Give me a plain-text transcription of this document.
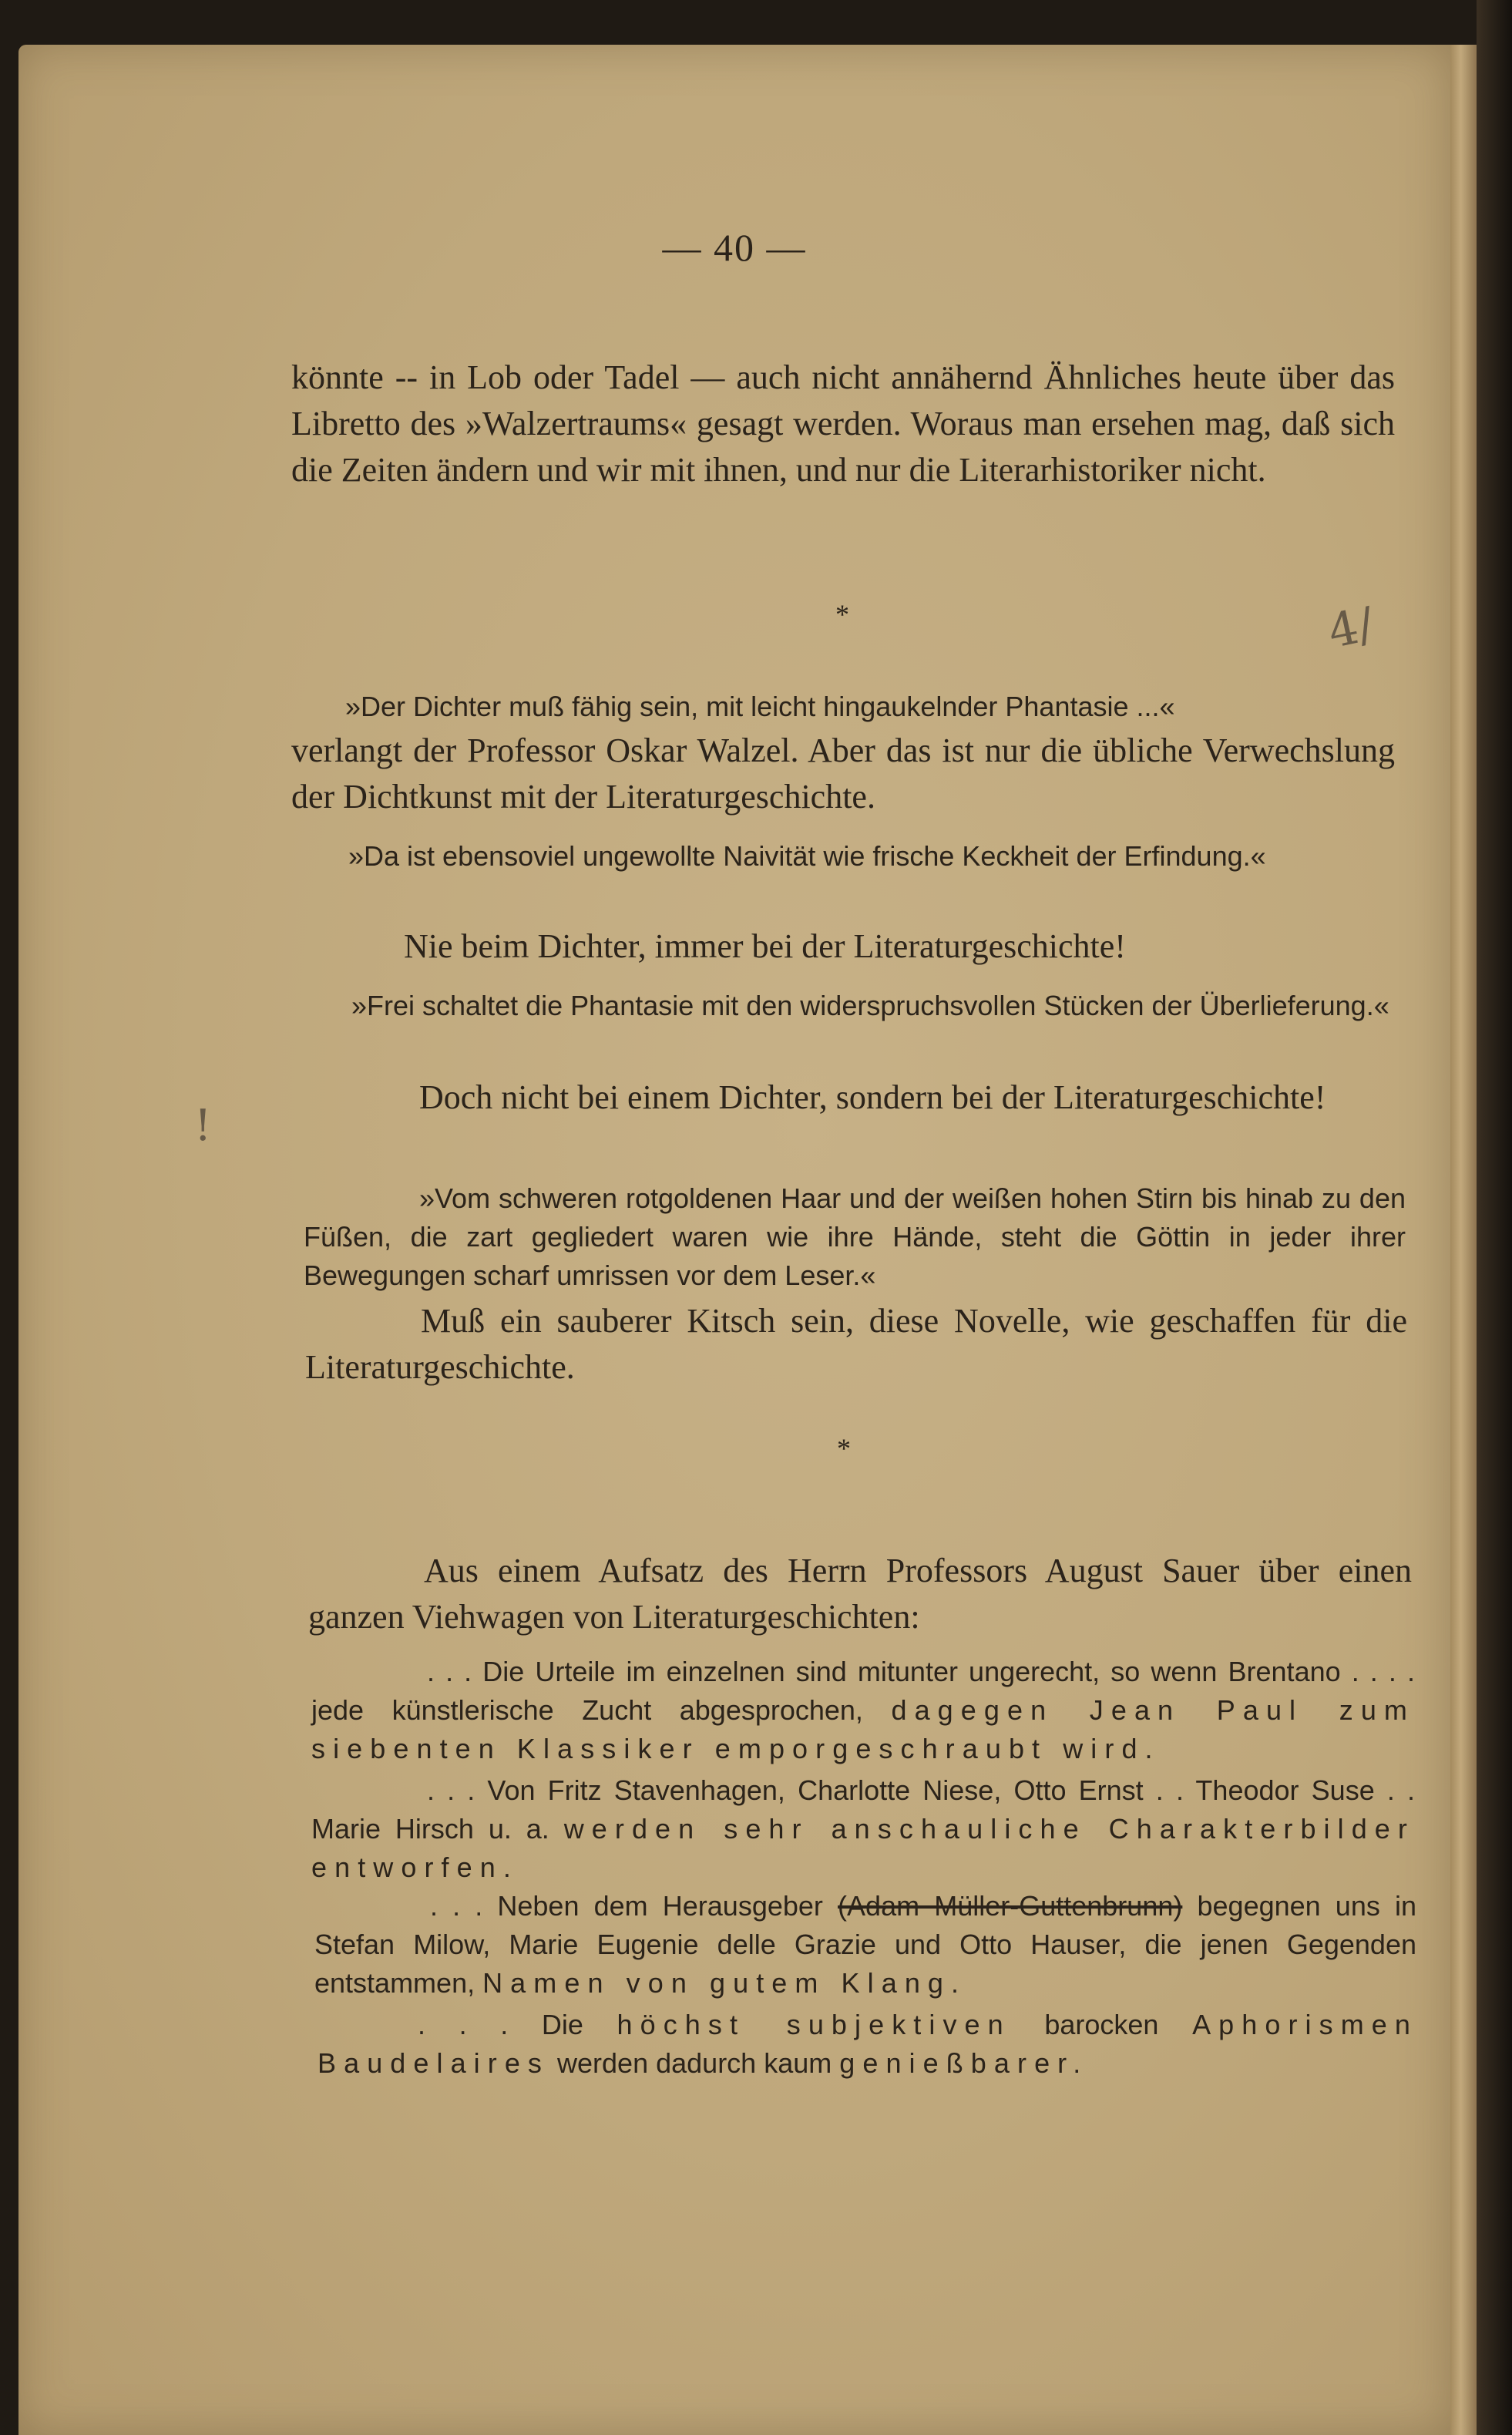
— 40 —

könnte -- in Lob oder Tadel — auch nicht annähernd Ähnliches heute über das Libretto des »Walzertraums« gesagt werden. Woraus man ersehen mag, daß sich die Zeiten ändern und wir mit ihnen, und nur die Literarhistoriker nicht.

*

»Der Dichter muß fähig sein, mit leicht hingaukelnder Phantasie ...«

4/

verlangt der Professor Oskar Walzel. Aber das ist nur die übliche Verwechslung der Dichtkunst mit der Literaturgeschichte.

»Da ist ebensoviel ungewollte Naivität wie frische Keckheit der Erfindung.«

Nie beim Dichter, immer bei der Literaturgeschichte!

»Frei schaltet die Phantasie mit den widerspruchsvollen Stücken der Überlieferung.«

Doch nicht bei einem Dichter, sondern bei der Literaturgeschichte!

!

»Vom schweren rotgoldenen Haar und der weißen hohen Stirn bis hinab zu den Füßen, die zart gegliedert waren wie ihre Hände, steht die Göttin in jeder ihrer Bewegungen scharf umrissen vor dem Leser.«

Muß ein sauberer Kitsch sein, diese Novelle, wie geschaffen für die Literaturgeschichte.

*

Aus einem Aufsatz des Herrn Professors August Sauer über einen ganzen Viehwagen von Literaturgeschichten:

. . . Die Urteile im einzelnen sind mitunter ungerecht, so wenn Brentano . . . . jede künstlerische Zucht abgesprochen, dagegen Jean Paul zum siebenten Klassiker emporgeschraubt wird.

. . . Von Fritz Stavenhagen, Charlotte Niese, Otto Ernst . . Theodor Suse . . Marie Hirsch u. a. werden sehr anschauliche Charakterbilder entworfen.

. . . Neben dem Herausgeber (Adam Müller-Guttenbrunn) begegnen uns in Stefan Milow, Marie Eugenie delle Grazie und Otto Hauser, die jenen Gegenden entstammen, Namen von gutem Klang.

. . . Die höchst subjektiven barocken Aphorismen Baudelaires werden dadurch kaum genießbarer.
